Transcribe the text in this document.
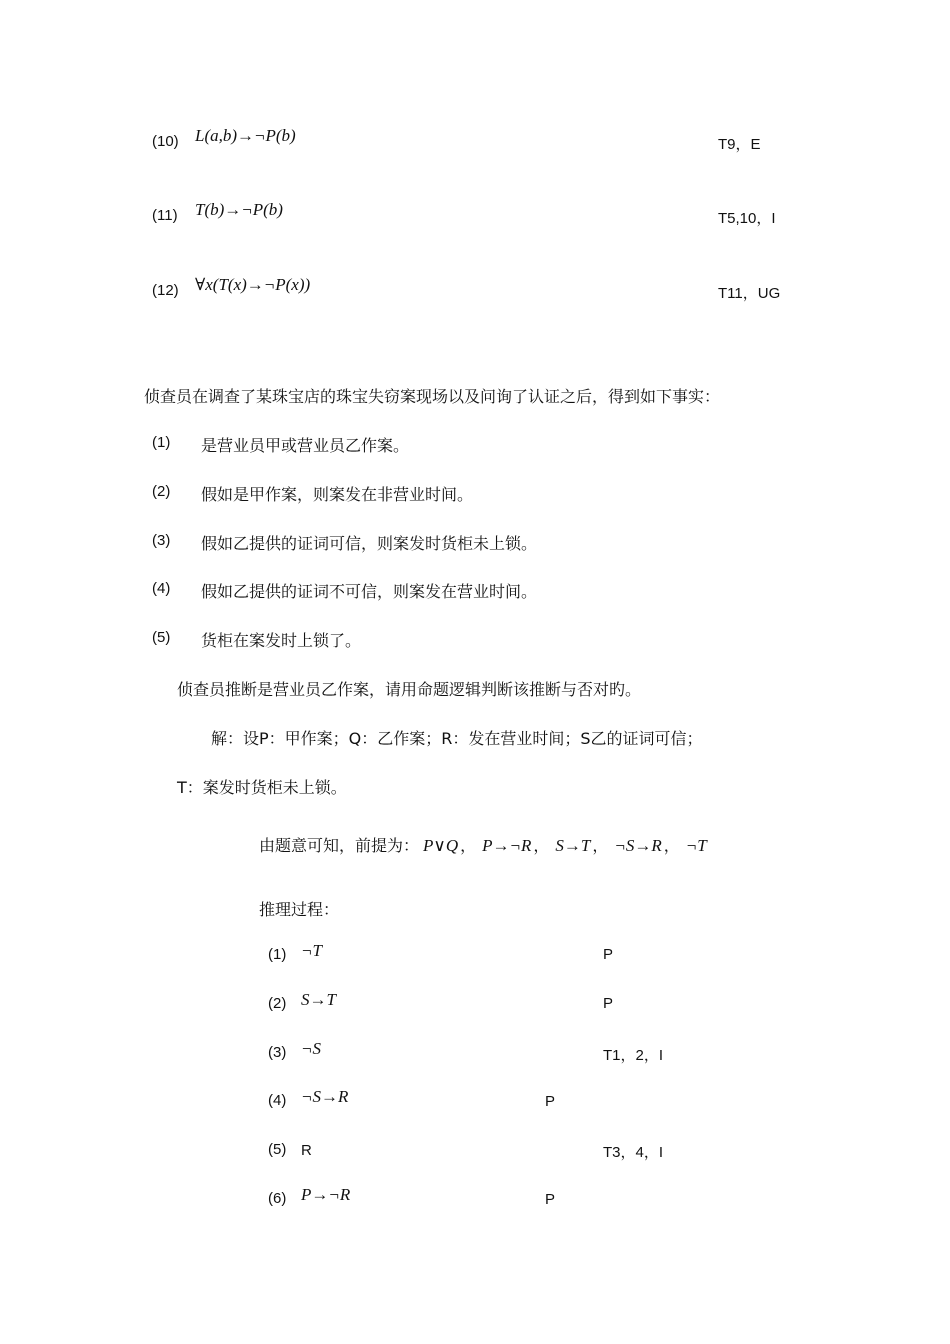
(10) L(a,b)→¬P(b)	T9，E
(11) T(b)→¬P(b)	T5,10，I
(12) ∀x(T(x)→¬P(x))	T11，UG
侦查员在调查了某珠宝店的珠宝失窃案现场以及问询了认证之后，得到如下事实：
(1) 是营业员甲或营业员乙作案。
(2) 假如是甲作案，则案发在非营业时间。
(3) 假如乙提供的证词可信，则案发时货柜未上锁。
(4) 假如乙提供的证词不可信，则案发在营业时间。
(5) 货柜在案发时上锁了。
侦查员推断是营业员乙作案，请用命题逻辑判断该推断与否对旳。
解：设P：甲作案；Q：乙作案；R：发在营业时间；S乙的证词可信；
T：案发时货柜未上锁。
由题意可知，前提为： P∨Q ， P→¬R ， S→T ， ¬S→R ， ¬T
推理过程：
(1) ¬T	P
(2) S→T	P
(3) ¬S	T1，2，I
(4) ¬S→R	P
(5) R	T3，4，I
(6) P→¬R	P
